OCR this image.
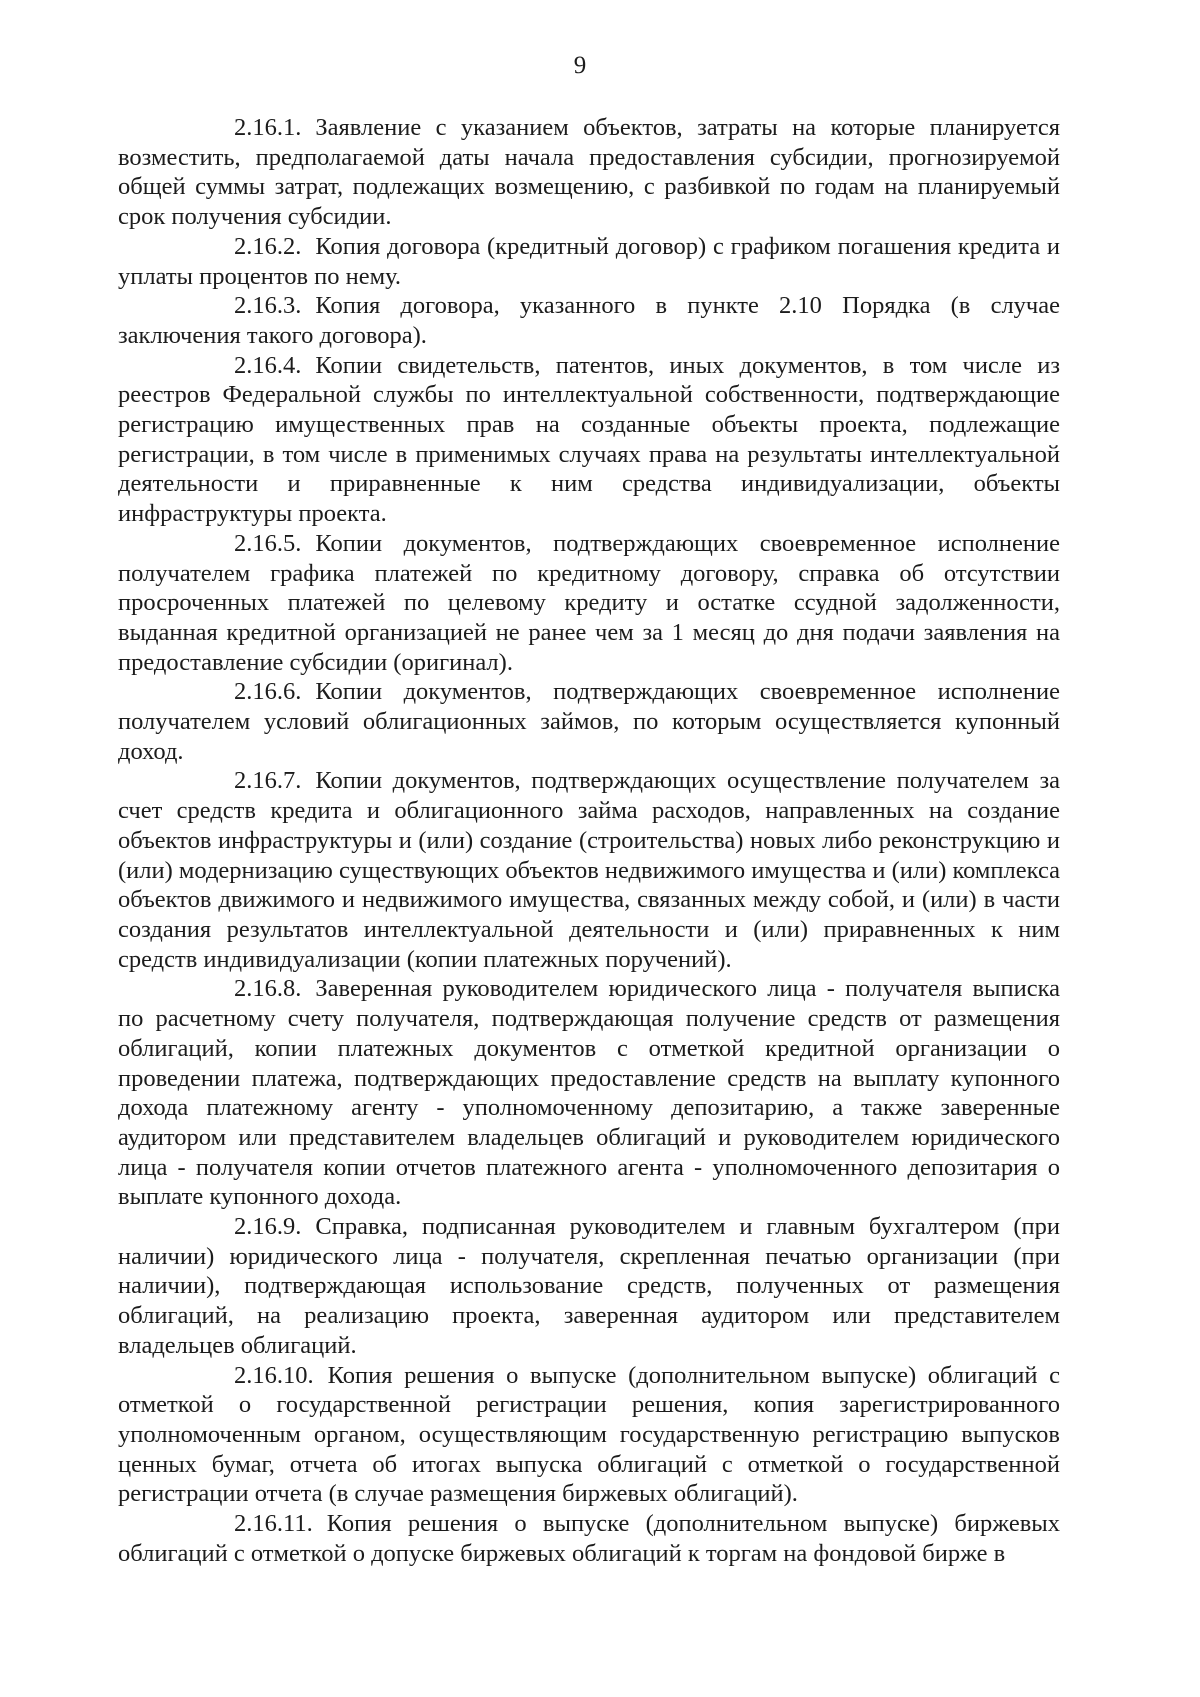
9

2.16.1. Заявление с указанием объектов, затраты на которые планируется возместить, предполагаемой даты начала предоставления субсидии, прогнозируемой общей суммы затрат, подлежащих возмещению, с разбивкой по годам на планируемый срок получения субсидии.

2.16.2. Копия договора (кредитный договор) с графиком погашения кредита и уплаты процентов по нему.

2.16.3. Копия договора, указанного в пункте 2.10 Порядка (в случае заключения такого договора).

2.16.4. Копии свидетельств, патентов, иных документов, в том числе из реестров Федеральной службы по интеллектуальной собственности, подтверждающие регистрацию имущественных прав на созданные объекты проекта, подлежащие регистрации, в том числе в применимых случаях права на результаты интеллектуальной деятельности и приравненные к ним средства индивидуализации, объекты инфраструктуры проекта.

2.16.5. Копии документов, подтверждающих своевременное исполнение получателем графика платежей по кредитному договору, справка об отсутствии просроченных платежей по целевому кредиту и остатке ссудной задолженности, выданная кредитной организацией не ранее чем за 1 месяц до дня подачи заявления на предоставление субсидии (оригинал).

2.16.6. Копии документов, подтверждающих своевременное исполнение получателем условий облигационных займов, по которым осуществляется купонный доход.

2.16.7. Копии документов, подтверждающих осуществление получателем за счет средств кредита и облигационного займа расходов, направленных на создание объектов инфраструктуры и (или) создание (строительства) новых либо реконструкцию и (или) модернизацию существующих объектов недвижимого имущества и (или) комплекса объектов движимого и недвижимого имущества, связанных между собой, и (или) в части создания результатов интеллектуальной деятельности и (или) приравненных к ним средств индивидуализации (копии платежных поручений).

2.16.8. Заверенная руководителем юридического лица - получателя выписка по расчетному счету получателя, подтверждающая получение средств от размещения облигаций, копии платежных документов с отметкой кредитной организации о проведении платежа, подтверждающих предоставление средств на выплату купонного дохода платежному агенту - уполномоченному депозитарию, а также заверенные аудитором или представителем владельцев облигаций и руководителем юридического лица - получателя копии отчетов платежного агента - уполномоченного депозитария о выплате купонного дохода.

2.16.9. Справка, подписанная руководителем и главным бухгалтером (при наличии) юридического лица - получателя, скрепленная печатью организации (при наличии), подтверждающая использование средств, полученных от размещения облигаций, на реализацию проекта, заверенная аудитором или представителем владельцев облигаций.

2.16.10. Копия решения о выпуске (дополнительном выпуске) облигаций с отметкой о государственной регистрации решения, копия зарегистрированного уполномоченным органом, осуществляющим государственную регистрацию выпусков ценных бумаг, отчета об итогах выпуска облигаций с отметкой о государственной регистрации отчета (в случае размещения биржевых облигаций).

2.16.11. Копия решения о выпуске (дополнительном выпуске) биржевых облигаций с отметкой о допуске биржевых облигаций к торгам на фондовой бирже в
